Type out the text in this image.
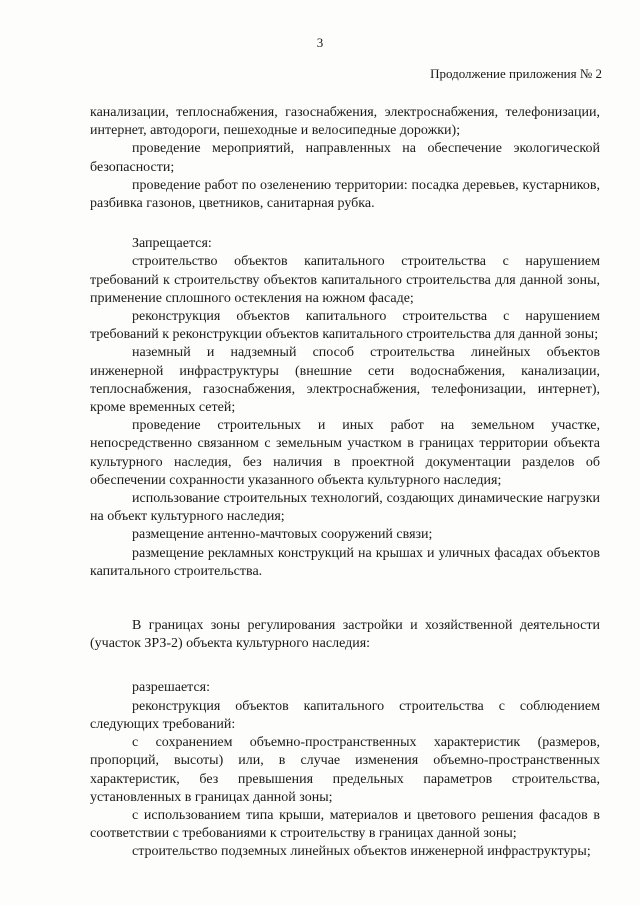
3
Продолжение приложения № 2

канализации, теплоснабжения, газоснабжения, электроснабжения, телефонизации, интернет, автодороги, пешеходные и велосипедные дорожки);

проведение мероприятий, направленных на обеспечение экологической безопасности;

проведение работ по озеленению территории: посадка деревьев, кустарников, разбивка газонов, цветников, санитарная рубка.

Запрещается:

строительство объектов капитального строительства с нарушением требований к строительству объектов капитального строительства для данной зоны, применение сплошного остекления на южном фасаде;

реконструкция объектов капитального строительства с нарушением требований к реконструкции объектов капитального строительства для данной зоны;

наземный и надземный способ строительства линейных объектов инженерной инфраструктуры (внешние сети водоснабжения, канализации, теплоснабжения, газоснабжения, электроснабжения, телефонизации, интернет), кроме временных сетей;

проведение строительных и иных работ на земельном участке, непосредственно связанном с земельным участком в границах территории объекта культурного наследия, без наличия в проектной документации разделов об обеспечении сохранности указанного объекта культурного наследия;

использование строительных технологий, создающих динамические нагрузки на объект культурного наследия;

размещение антенно-мачтовых сооружений связи;

размещение рекламных конструкций на крышах и уличных фасадах объектов капитального строительства.

В границах зоны регулирования застройки и хозяйственной деятельности (участок ЗРЗ-2) объекта культурного наследия:

разрешается:

реконструкция объектов капитального строительства с соблюдением следующих требований:

с сохранением объемно-пространственных характеристик (размеров, пропорций, высоты) или, в случае изменения объемно-пространственных характеристик, без превышения предельных параметров строительства, установленных в границах данной зоны;

с использованием типа крыши, материалов и цветового решения фасадов в соответствии с требованиями к строительству в границах данной зоны;

строительство подземных линейных объектов инженерной инфраструктуры;
